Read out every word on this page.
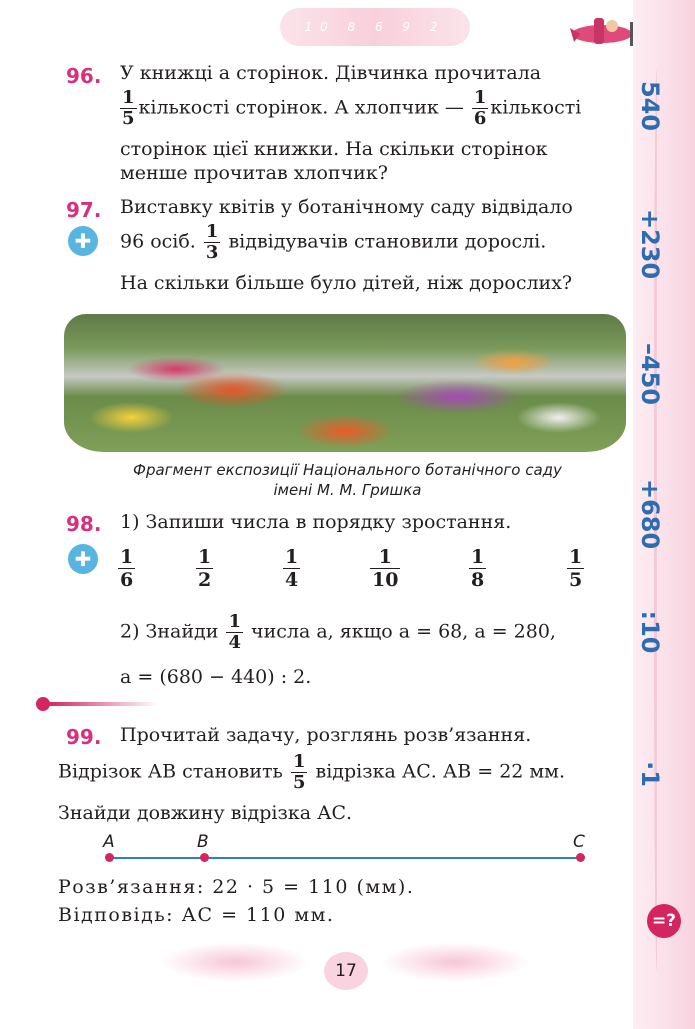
540
+230
–450
+680
:10
·1
=?
10 8 6 9 2
96. У книжці а сторінок. Дівчинка прочитала
$\frac{1}{5}$ кількості сторінок. А хлопчик — $\frac{1}{6}$ кількості
сторінок цієї книжки. На скільки сторінок
менше прочитав хлопчик?
97.
✚
Виставку квітів у ботанічному саду відвідало
96 осіб. $\frac{1}{3}$ відвідувачів становили дорослі.
На скільки більше було дітей, ніж дорослих?
Фрагмент експозиції Національного ботанічного саду
імені М. М. Гришка
98.
✚
1) Запиши числа в порядку зростання.
$\frac{1}{6}$	$\frac{1}{2}$	$\frac{1}{4}$	$\frac{1}{10}$	$\frac{1}{8}$	$\frac{1}{5}$
2) Знайди $\frac{1}{4}$ числа а, якщо а = 68, а = 280,
а = (680 − 440) : 2.
99. Прочитай задачу, розглянь розв’язання.
Відрізок АВ становить $\frac{1}{5}$ відрізка АС. АВ = 22 мм.
Знайди довжину відрізка АС.
A	B	C
Розв’язання: 22 · 5 = 110 (мм).
Відповідь: АС = 110 мм.
17
